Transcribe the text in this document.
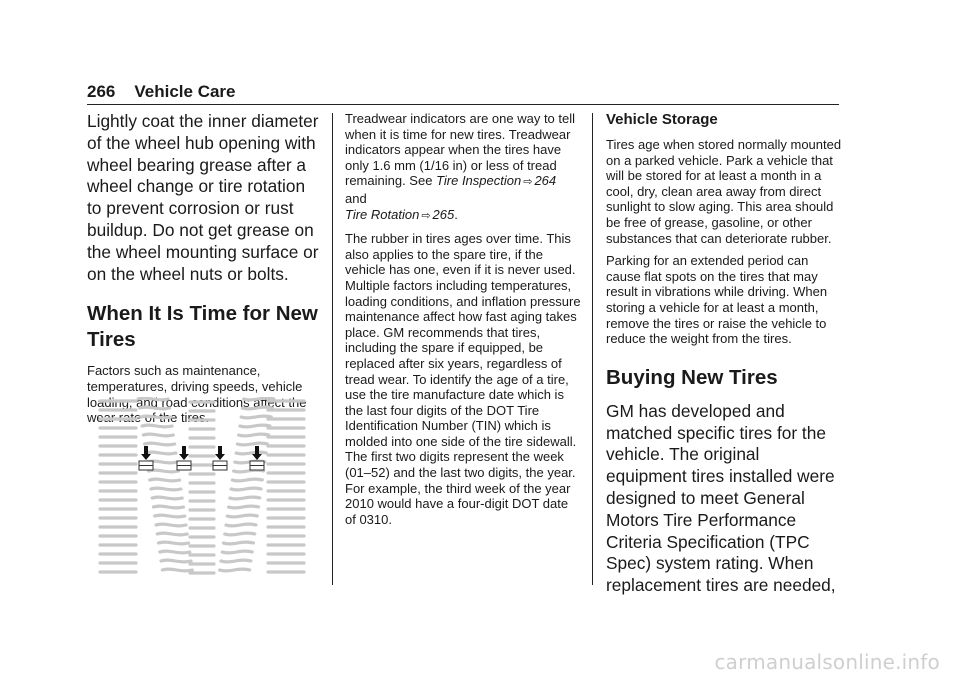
266 Vehicle Care

Lightly coat the inner diameter of the wheel hub opening with wheel bearing grease after a wheel change or tire rotation to prevent corrosion or rust buildup. Do not get grease on the wheel mounting surface or on the wheel nuts or bolts.

When It Is Time for New
Tires

Factors such as maintenance, temperatures, driving speeds, vehicle loading, and road conditions affect the wear rate of the tires.

Treadwear indicators are one way to tell when it is time for new tires. Treadwear indicators appear when the tires have only 1.6 mm (1/16 in) or less of tread remaining. See Tire Inspection ⇨ 264 and
Tire Rotation ⇨ 265.

The rubber in tires ages over time. This also applies to the spare tire, if the vehicle has one, even if it is never used. Multiple factors including temperatures, loading conditions, and inflation pressure maintenance affect how fast aging takes place. GM recommends that tires, including the spare if equipped, be replaced after six years, regardless of tread wear. To identify the age of a tire, use the tire manufacture date which is the last four digits of the DOT Tire Identification Number (TIN) which is molded into one side of the tire sidewall. The first two digits represent the week (01–52) and the last two digits, the year. For example, the third week of the year 2010 would have a four-digit DOT date of 0310.

Vehicle Storage

Tires age when stored normally mounted on a parked vehicle. Park a vehicle that will be stored for at least a month in a cool, dry, clean area away from direct sunlight to slow aging. This area should be free of grease, gasoline, or other substances that can deteriorate rubber.

Parking for an extended period can cause flat spots on the tires that may result in vibrations while driving. When storing a vehicle for at least a month, remove the tires or raise the vehicle to reduce the weight from the tires.

Buying New Tires

GM has developed and matched specific tires for the vehicle. The original equipment tires installed were designed to meet General Motors Tire Performance Criteria Specification (TPC Spec) system rating. When replacement tires are needed,

carmanualsonline.info
